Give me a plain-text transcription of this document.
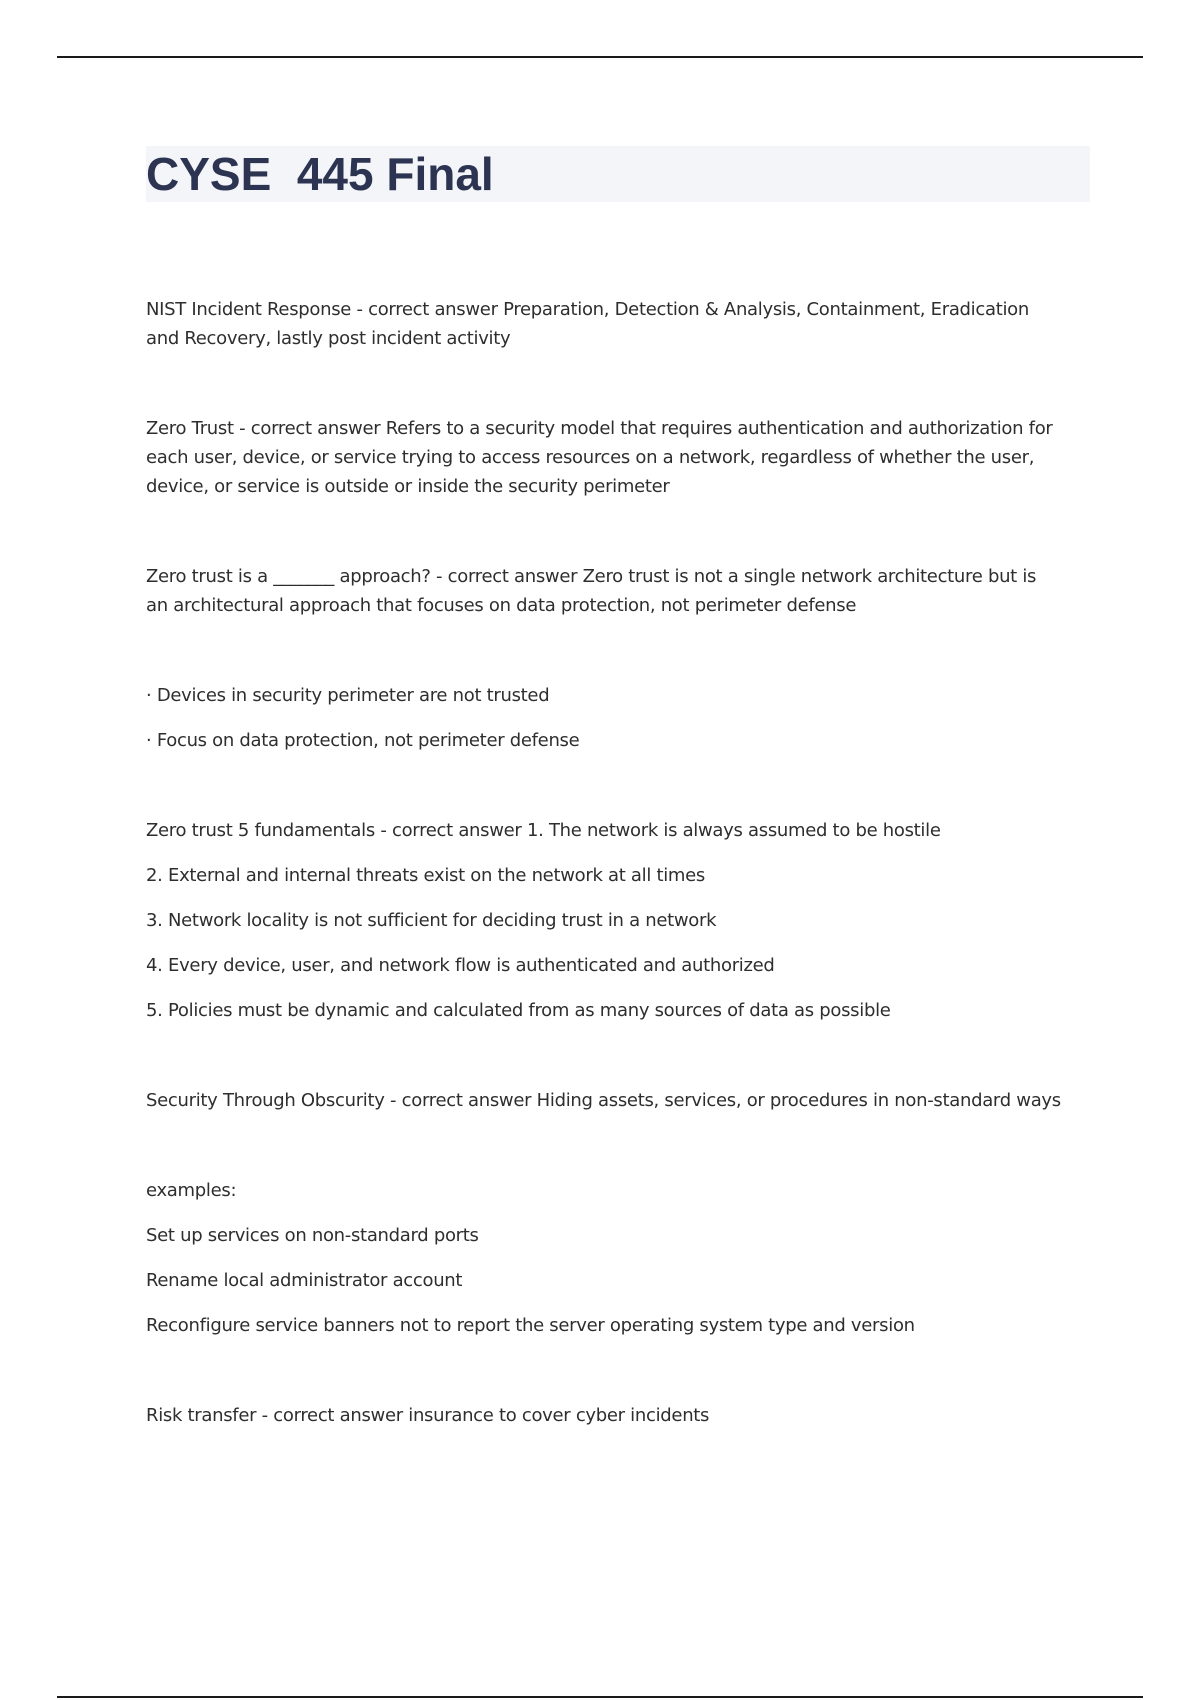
CYSE  445 Final

NIST Incident Response - correct answer Preparation, Detection & Analysis, Containment, Eradication

and Recovery, lastly post incident activity

Zero Trust - correct answer Refers to a security model that requires authentication and authorization for

each user, device, or service trying to access resources on a network, regardless of whether the user,

device, or service is outside or inside the security perimeter

Zero trust is a _______ approach? - correct answer Zero trust is not a single network architecture but is

an architectural approach that focuses on data protection, not perimeter defense

· Devices in security perimeter are not trusted

· Focus on data protection, not perimeter defense

Zero trust 5 fundamentals - correct answer 1. The network is always assumed to be hostile

2. External and internal threats exist on the network at all times

3. Network locality is not sufficient for deciding trust in a network

4. Every device, user, and network flow is authenticated and authorized

5. Policies must be dynamic and calculated from as many sources of data as possible

Security Through Obscurity - correct answer Hiding assets, services, or procedures in non-standard ways

examples:

Set up services on non-standard ports

Rename local administrator account

Reconfigure service banners not to report the server operating system type and version

Risk transfer - correct answer insurance to cover cyber incidents
